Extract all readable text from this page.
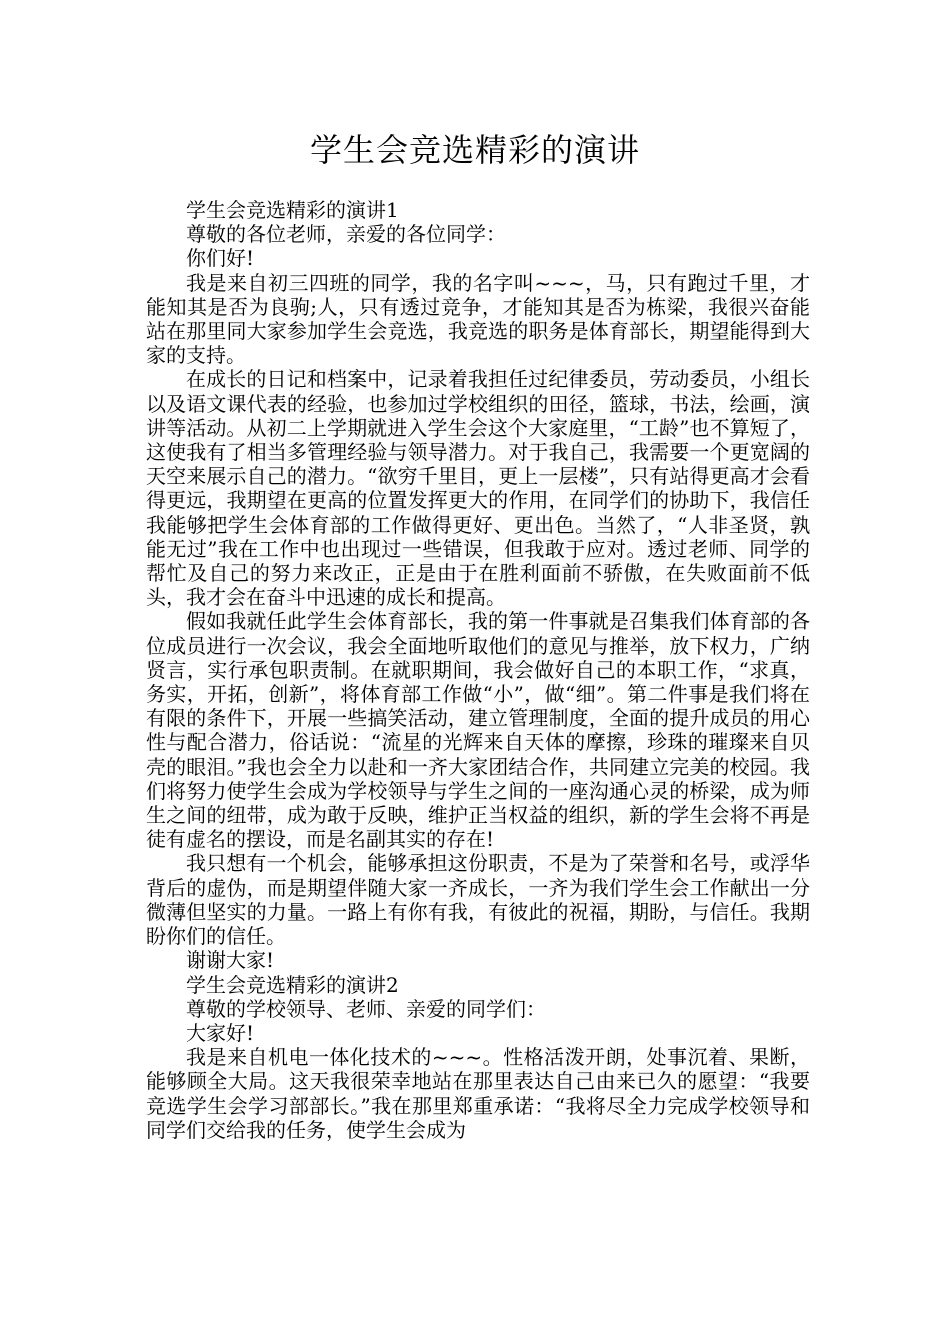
学生会竞选精彩的演讲

学生会竞选精彩的演讲1

尊敬的各位老师，亲爱的各位同学：

你们好!

我是来自初三四班的同学，我的名字叫~~~，马，只有跑过千里，才能知其是否为良驹;人，只有透过竞争，才能知其是否为栋梁，我很兴奋能站在那里同大家参加学生会竞选，我竞选的职务是体育部长，期望能得到大家的支持。

在成长的日记和档案中，记录着我担任过纪律委员，劳动委员，小组长以及语文课代表的经验，也参加过学校组织的田径，篮球，书法，绘画，演讲等活动。从初二上学期就进入学生会这个大家庭里，“工龄”也不算短了，这使我有了相当多管理经验与领导潜力。对于我自己，我需要一个更宽阔的天空来展示自己的潜力。“欲穷千里目，更上一层楼”，只有站得更高才会看得更远，我期望在更高的位置发挥更大的作用，在同学们的协助下，我信任我能够把学生会体育部的工作做得更好、更出色。当然了，“人非圣贤，孰能无过”我在工作中也出现过一些错误，但我敢于应对。透过老师、同学的帮忙及自己的努力来改正，正是由于在胜利面前不骄傲，在失败面前不低头，我才会在奋斗中迅速的成长和提高。

假如我就任此学生会体育部长，我的第一件事就是召集我们体育部的各位成员进行一次会议，我会全面地听取他们的意见与推举，放下权力，广纳贤言，实行承包职责制。在就职期间，我会做好自己的本职工作，“求真，务实，开拓，创新”，将体育部工作做“小”，做“细”。第二件事是我们将在有限的条件下，开展一些搞笑活动，建立管理制度，全面的提升成员的用心性与配合潜力，俗话说：“流星的光辉来自天体的摩擦，珍珠的璀璨来自贝壳的眼泪。”我也会全力以赴和一齐大家团结合作，共同建立完美的校园。我们将努力使学生会成为学校领导与学生之间的一座沟通心灵的桥梁，成为师生之间的纽带，成为敢于反映，维护正当权益的组织，新的学生会将不再是徒有虚名的摆设，而是名副其实的存在!

我只想有一个机会，能够承担这份职责，不是为了荣誉和名号，或浮华背后的虚伪，而是期望伴随大家一齐成长，一齐为我们学生会工作献出一分微薄但坚实的力量。一路上有你有我，有彼此的祝福，期盼，与信任。我期盼你们的信任。

谢谢大家!

学生会竞选精彩的演讲2

尊敬的学校领导、老师、亲爱的同学们：

大家好!

我是来自机电一体化技术的~~~。性格活泼开朗，处事沉着、果断，能够顾全大局。这天我很荣幸地站在那里表达自己由来已久的愿望：“我要竞选学生会学习部部长。”我在那里郑重承诺：“我将尽全力完成学校领导和同学们交给我的任务，使学生会成为
